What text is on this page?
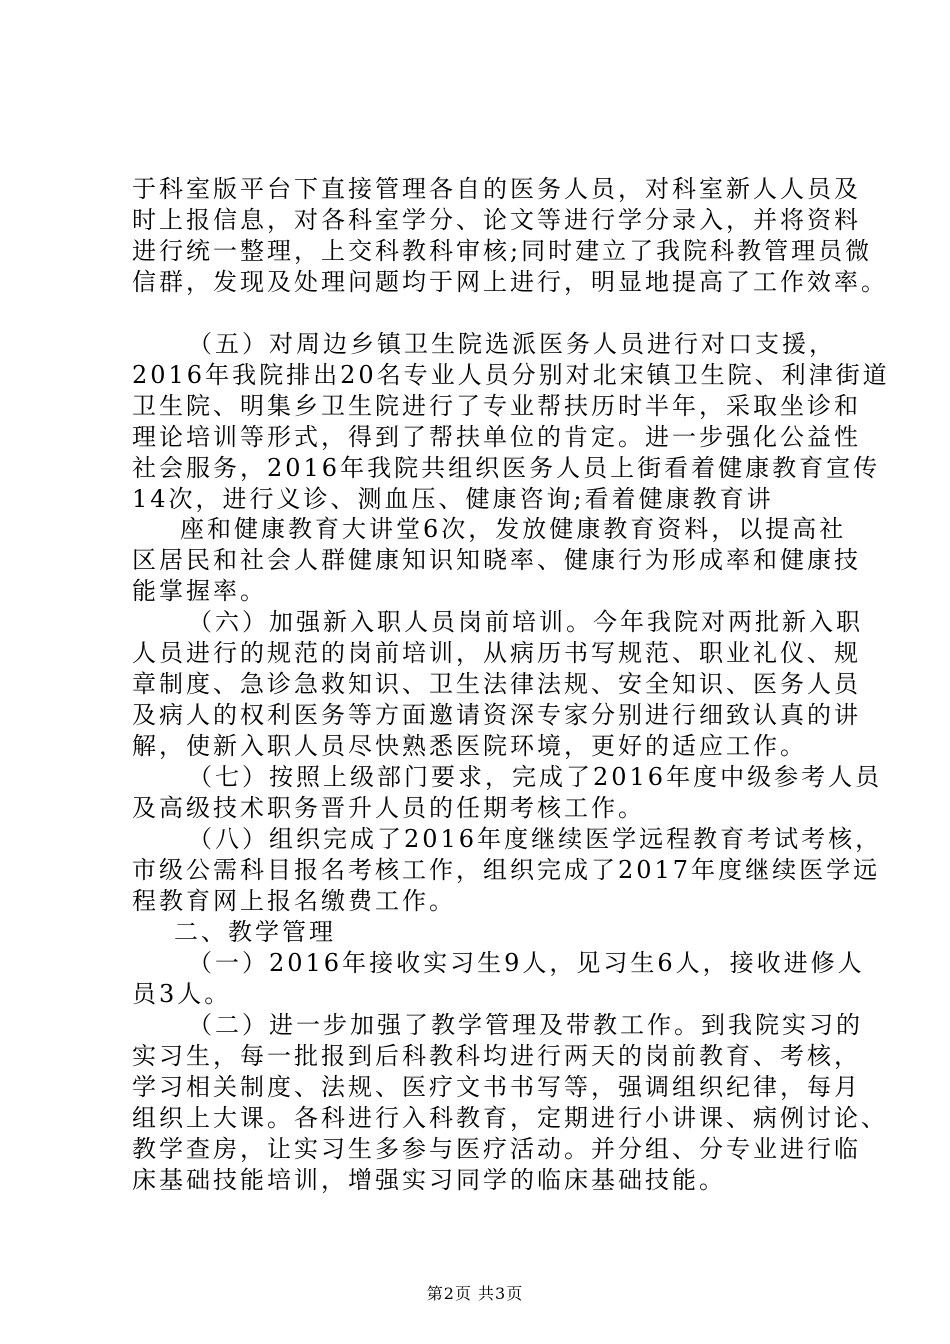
于科室版平台下直接管理各自的医务人员，对科室新人人员及
时上报信息，对各科室学分、论文等进行学分录入，并将资料
进行统一整理，上交科教科审核;同时建立了我院科教管理员微
信群，发现及处理问题均于网上进行，明显地提高了工作效率。
（五）对周边乡镇卫生院选派医务人员进行对口支援，
2016年我院排出20名专业人员分别对北宋镇卫生院、利津街道
卫生院、明集乡卫生院进行了专业帮扶历时半年，采取坐诊和
理论培训等形式，得到了帮扶单位的肯定。进一步强化公益性
社会服务，2016年我院共组织医务人员上街看着健康教育宣传
14次，进行义诊、测血压、健康咨询;看着健康教育讲
座和健康教育大讲堂6次，发放健康教育资料，以提高社
区居民和社会人群健康知识知晓率、健康行为形成率和健康技
能掌握率。
（六）加强新入职人员岗前培训。今年我院对两批新入职
人员进行的规范的岗前培训，从病历书写规范、职业礼仪、规
章制度、急诊急救知识、卫生法律法规、安全知识、医务人员
及病人的权利医务等方面邀请资深专家分别进行细致认真的讲
解，使新入职人员尽快熟悉医院环境，更好的适应工作。
（七）按照上级部门要求，完成了2016年度中级参考人员
及高级技术职务晋升人员的任期考核工作。
（八）组织完成了2016年度继续医学远程教育考试考核，
市级公需科目报名考核工作，组织完成了2017年度继续医学远
程教育网上报名缴费工作。
二、教学管理
（一）2016年接收实习生9人，见习生6人，接收进修人
员3人。
（二）进一步加强了教学管理及带教工作。到我院实习的
实习生，每一批报到后科教科均进行两天的岗前教育、考核，
学习相关制度、法规、医疗文书书写等，强调组织纪律，每月
组织上大课。各科进行入科教育，定期进行小讲课、病例讨论、
教学查房，让实习生多参与医疗活动。并分组、分专业进行临
床基础技能培训，增强实习同学的临床基础技能。
第2页 共3页
